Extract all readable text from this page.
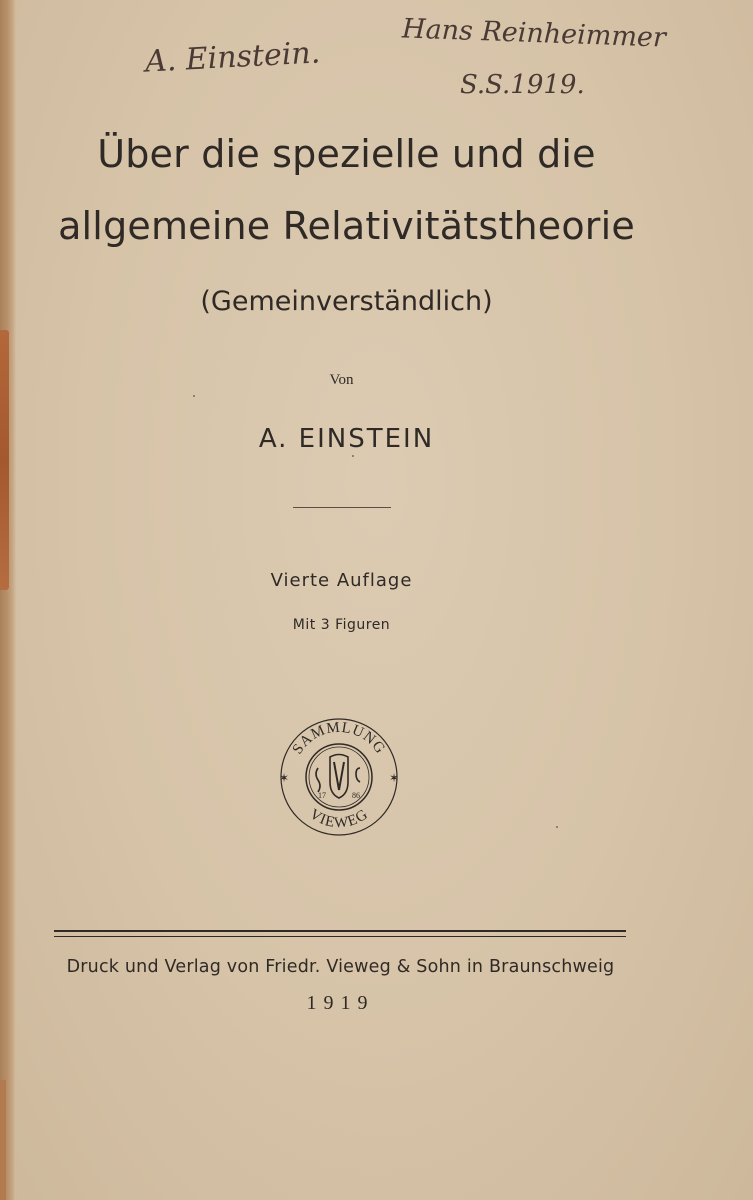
A. Einstein.
Hans Reinheimmer
S.S.1919.
Über die spezielle und die
allgemeine Relativitätstheorie
(Gemeinverständlich)
Von
A. EINSTEIN
Vierte Auflage
Mit 3 Figuren
SAMMLUNG
VIEWEG
✶	✶
17	86
Druck und Verlag von Friedr. Vieweg & Sohn in Braunschweig
1919
